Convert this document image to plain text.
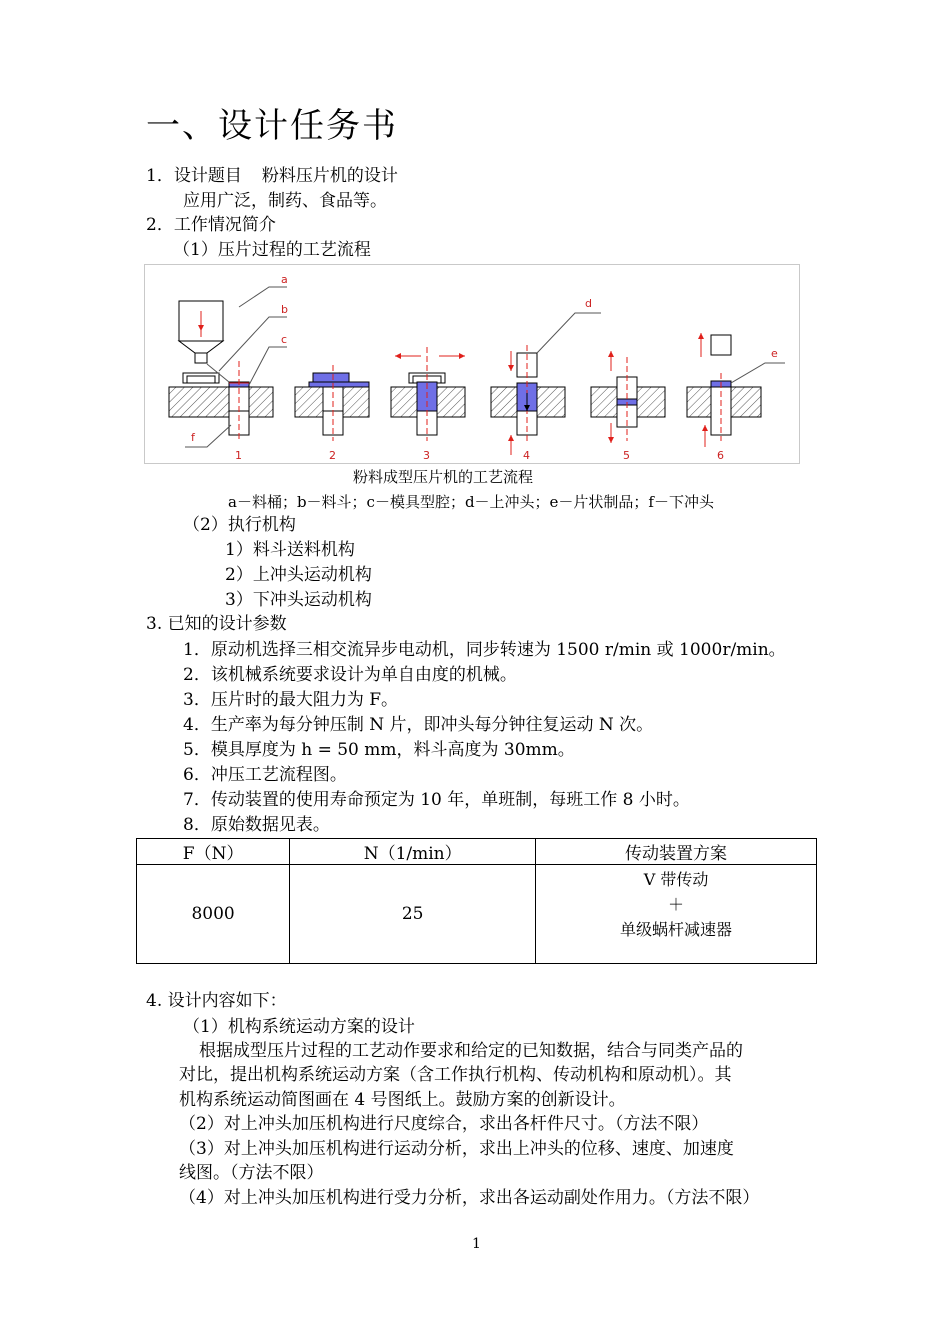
一、设计任务书
1．设计题目 粉料压片机的设计
应用广泛，制药、食品等。
2．工作情况简介
（1）压片过程的工艺流程
a
b
c
f
d
e
1	2	3	4	5	6
粉料成型压片机的工艺流程
a－料桶；b－料斗；c－模具型腔；d－上冲头；e－片状制品；f－下冲头
（2）执行机构
1）料斗送料机构
2）上冲头运动机构
3）下冲头运动机构
3. 已知的设计参数
1．原动机选择三相交流异步电动机，同步转速为 1500 r/min 或 1000r/min。
2．该机械系统要求设计为单自由度的机械。
3．压片时的最大阻力为 F。
4．生产率为每分钟压制 N 片，即冲头每分钟往复运动 N 次。
5．模具厚度为 h = 50 mm，料斗高度为 30mm。
6．冲压工艺流程图。
7．传动装置的使用寿命预定为 10 年，单班制，每班工作 8 小时。
8．原始数据见表。
F（N）	N（1/min）	传动装置方案
8000	25	V 带传动
＋
单级蜗杆减速器
4. 设计内容如下：
（1）机构系统运动方案的设计
根据成型压片过程的工艺动作要求和给定的已知数据，结合与同类产品的
对比，提出机构系统运动方案（含工作执行机构、传动机构和原动机）。其
机构系统运动简图画在 4 号图纸上。鼓励方案的创新设计。
（2）对上冲头加压机构进行尺度综合，求出各杆件尺寸。（方法不限）
（3）对上冲头加压机构进行运动分析，求出上冲头的位移、速度、加速度
线图。（方法不限）
（4）对上冲头加压机构进行受力分析，求出各运动副处作用力。（方法不限）
1
